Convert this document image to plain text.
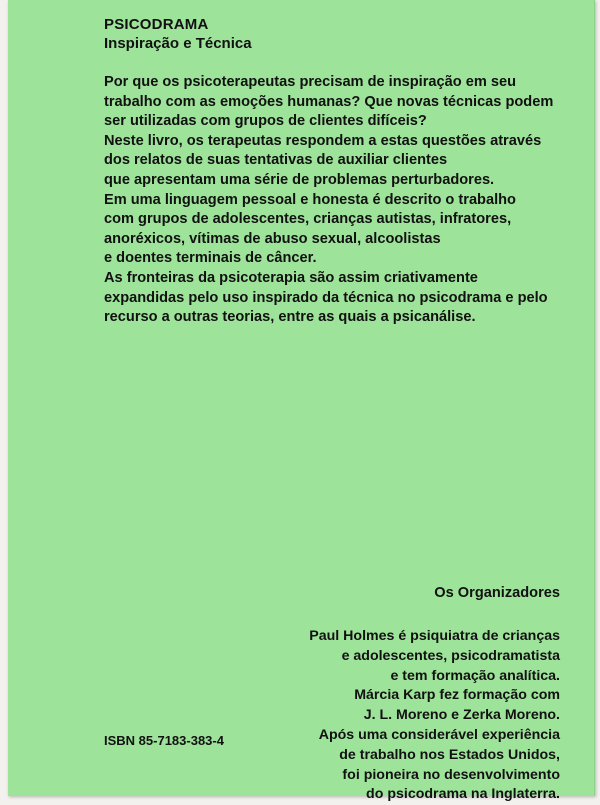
PSICODRAMA
Inspiração e Técnica
Por que os psicoterapeutas precisam de inspiração em seu
trabalho com as emoções humanas? Que novas técnicas podem
ser utilizadas com grupos de clientes difíceis?
Neste livro, os terapeutas respondem a estas questões através
dos relatos de suas tentativas de auxiliar clientes
que apresentam uma série de problemas perturbadores.
Em uma linguagem pessoal e honesta é descrito o trabalho
com grupos de adolescentes, crianças autistas, infratores,
anoréxicos, vítimas de abuso sexual, alcoolistas
e doentes terminais de câncer.
As fronteiras da psicoterapia são assim criativamente
expandidas pelo uso inspirado da técnica no psicodrama e pelo
recurso a outras teorias, entre as quais a psicanálise.
Os Organizadores
Paul Holmes é psiquiatra de crianças
e adolescentes, psicodramatista
e tem formação analítica.
Márcia Karp fez formação com
J. L. Moreno e Zerka Moreno.
Após uma considerável experiência
de trabalho nos Estados Unidos,
foi pioneira no desenvolvimento
do psicodrama na Inglaterra.
ISBN 85-7183-383-4
